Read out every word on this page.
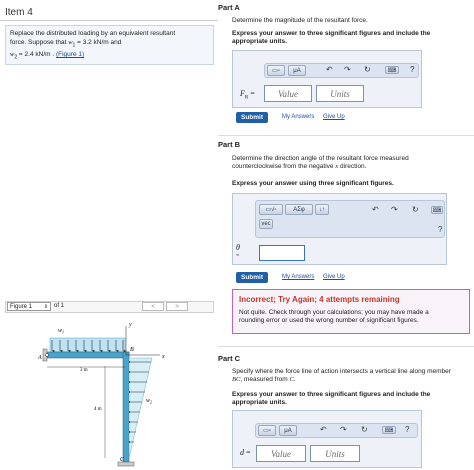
Item 4
Replace the distributed loading by an equivalent resultant
force. Suppose that $w_1 = 3.2$ kN/m and
$w_2 = 2.4$ kN/m . (Figure 1)
Figure 1 ⇕ of 1	<	>
$w_1$
A
B
y
x
3 m
4 m
$w_2$
C
Part A
Determine the magnitude of the resultant force.
Express your answer to three significant figures and include the
appropriate units.
▭▫	μA	↶ ↷ ↻	⌨	?
$F_R$ =	Value	Units
Submit	My Answers Give Up
Part B
Determine the direction angle of the resultant force measured
counterclockwise from the negative x direction.
Express your answer using three significant figures.
▭√▫	AΣφ	↓↑
vec
↶ ↷ ↻ ⌨
?
θ
=
Submit	My Answers Give Up
Incorrect; Try Again; 4 attempts remaining
Not quite. Check through your calculations; you may have made a
rounding error or used the wrong number of significant figures.
Part C
Specify where the force line of action intersects a vertical line along member
BC, measured from C.
Express your answer to three significant figures and include the
appropriate units.
▭▫	μA	↶ ↷ ↻	⌨	?
d =	Value	Units
